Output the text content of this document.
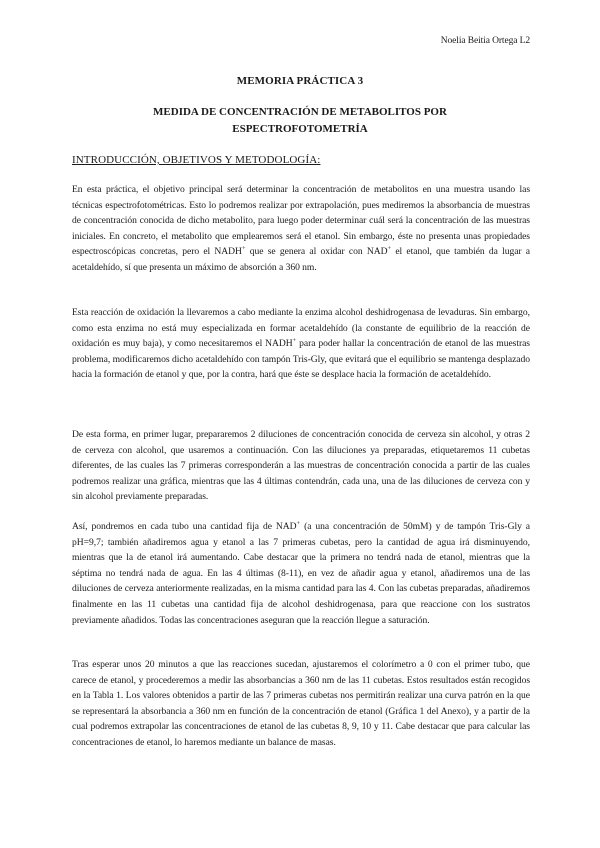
Noelia Beitia Ortega L2
MEMORIA PRÁCTICA 3
MEDIDA DE CONCENTRACIÓN DE METABOLITOS POR ESPECTROFOTOMETRÍA
INTRODUCCIÓN, OBJETIVOS Y METODOLOGÍA:

En esta práctica, el objetivo principal será determinar la concentración de metabolitos en una muestra usando las técnicas espectrofotométricas. Esto lo podremos realizar por extrapolación, pues mediremos la absorbancia de muestras de concentración conocida de dicho metabolito, para luego poder determinar cuál será la concentración de las muestras iniciales. En concreto, el metabolito que emplearemos será el etanol. Sin embargo, éste no presenta unas propiedades espectroscópicas concretas, pero el NADH+ que se genera al oxidar con NAD+ el etanol, que también da lugar a acetaldehído, sí que presenta un máximo de absorción a 360 nm.

Esta reacción de oxidación la llevaremos a cabo mediante la enzima alcohol deshidrogenasa de levaduras. Sin embargo, como esta enzima no está muy especializada en formar acetaldehído (la constante de equilibrio de la reacción de oxidación es muy baja), y como necesitaremos el NADH+ para poder hallar la concentración de etanol de las muestras problema, modificaremos dicho acetaldehído con tampón Tris-Gly, que evitará que el equilibrio se mantenga desplazado hacia la formación de etanol y que, por la contra, hará que éste se desplace hacia la formación de acetaldehído.

De esta forma, en primer lugar, prepararemos 2 diluciones de concentración conocida de cerveza sin alcohol, y otras 2 de cerveza con alcohol, que usaremos a continuación. Con las diluciones ya preparadas, etiquetaremos 11 cubetas diferentes, de las cuales las 7 primeras corresponderán a las muestras de concentración conocida a partir de las cuales podremos realizar una gráfica, mientras que las 4 últimas contendrán, cada una, una de las diluciones de cerveza con y sin alcohol previamente preparadas.

Así, pondremos en cada tubo una cantidad fija de NAD+ (a una concentración de 50mM) y de tampón Tris-Gly a pH=9,7; también añadiremos agua y etanol a las 7 primeras cubetas, pero la cantidad de agua irá disminuyendo, mientras que la de etanol irá aumentando. Cabe destacar que la primera no tendrá nada de etanol, mientras que la séptima no tendrá nada de agua. En las 4 últimas (8-11), en vez de añadir agua y etanol, añadiremos una de las diluciones de cerveza anteriormente realizadas, en la misma cantidad para las 4. Con las cubetas preparadas, añadiremos finalmente en las 11 cubetas una cantidad fija de alcohol deshidrogenasa, para que reaccione con los sustratos previamente añadidos. Todas las concentraciones aseguran que la reacción llegue a saturación.

Tras esperar unos 20 minutos a que las reacciones sucedan, ajustaremos el colorímetro a 0 con el primer tubo, que carece de etanol, y procederemos a medir las absorbancias a 360 nm de las 11 cubetas. Estos resultados están recogidos en la Tabla 1. Los valores obtenidos a partir de las 7 primeras cubetas nos permitirán realizar una curva patrón en la que se representará la absorbancia a 360 nm en función de la concentración de etanol (Gráfica 1 del Anexo), y a partir de la cual podremos extrapolar las concentraciones de etanol de las cubetas 8, 9, 10 y 11. Cabe destacar que para calcular las concentraciones de etanol, lo haremos mediante un balance de masas.
